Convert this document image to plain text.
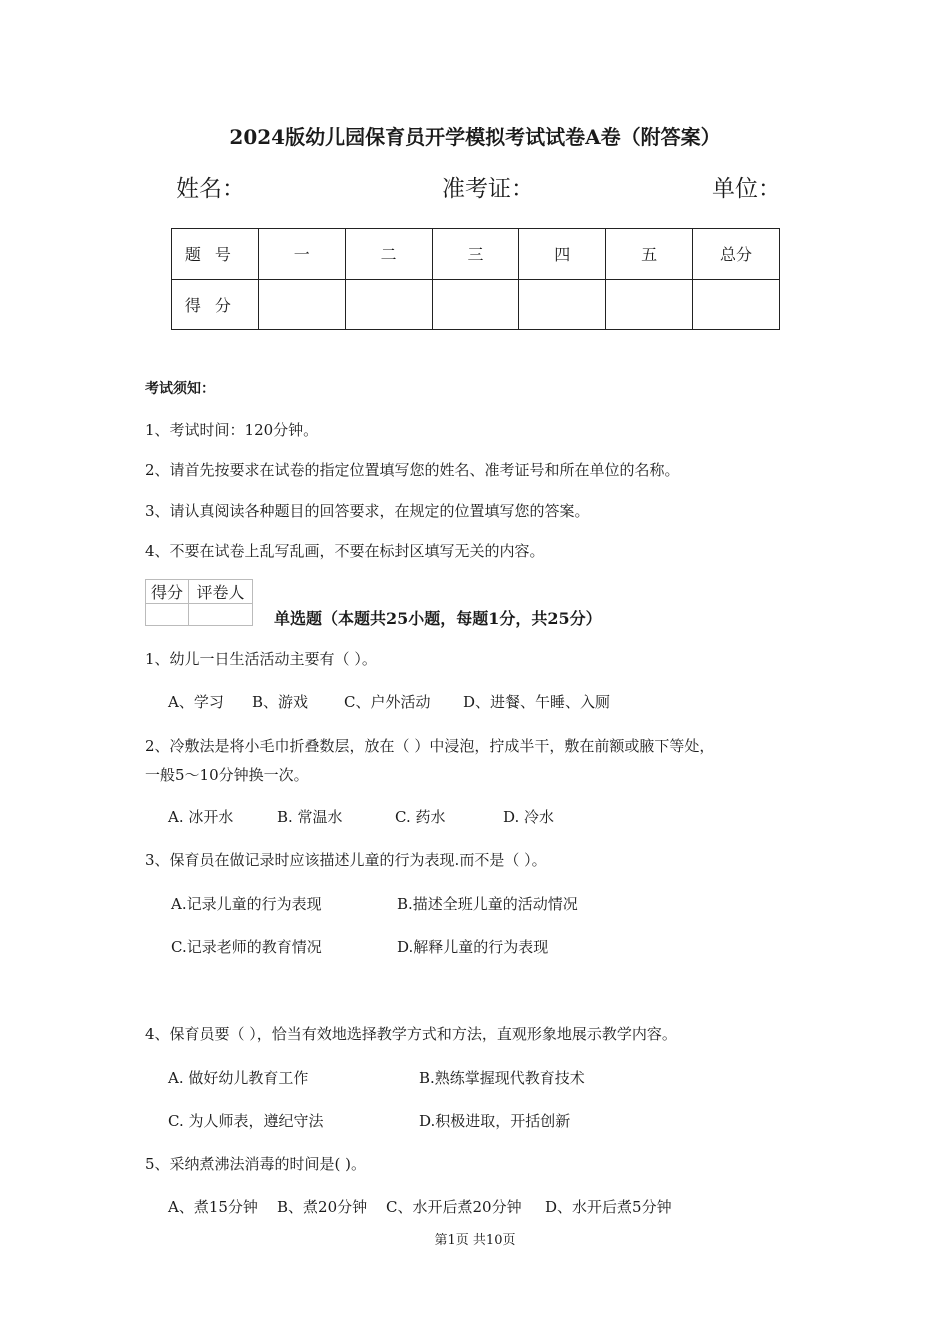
2024版幼儿园保育员开学模拟考试试卷A卷（附答案）
姓名：	准考证：	单位：
题号	一	二	三	四	五	总分
得分						
考试须知：
1、考试时间：120分钟。
2、请首先按要求在试卷的指定位置填写您的姓名、准考证号和所在单位的名称。
3、请认真阅读各种题目的回答要求，在规定的位置填写您的答案。
4、不要在试卷上乱写乱画，不要在标封区填写无关的内容。
得分	评卷人

单选题（本题共25小题，每题1分，共25分）
1、幼儿一日生活活动主要有（ ）。
A、学习 B、游戏 C、户外活动 D、进餐、午睡、入厕
2、冷敷法是将小毛巾折叠数层，放在（ ）中浸泡，拧成半干，敷在前额或腋下等处，
一般5～10分钟换一次。
A. 冰开水	B. 常温水	C. 药水	D. 冷水
3、保育员在做记录时应该描述儿童的行为表现.而不是（ ）。
A.记录儿童的行为表现	B.描述全班儿童的活动情况
C.记录老师的教育情况	D.解释儿童的行为表现
4、保育员要（ ），恰当有效地选择教学方式和方法，直观形象地展示教学内容。
A. 做好幼儿教育工作	B.熟练掌握现代教育技术
C. 为人师表，遵纪守法	D.积极进取，开括创新
5、采纳煮沸法消毒的时间是( )。
A、煮15分钟 B、煮20分钟 C、水开后煮20分钟 D、水开后煮5分钟
第1页 共10页
